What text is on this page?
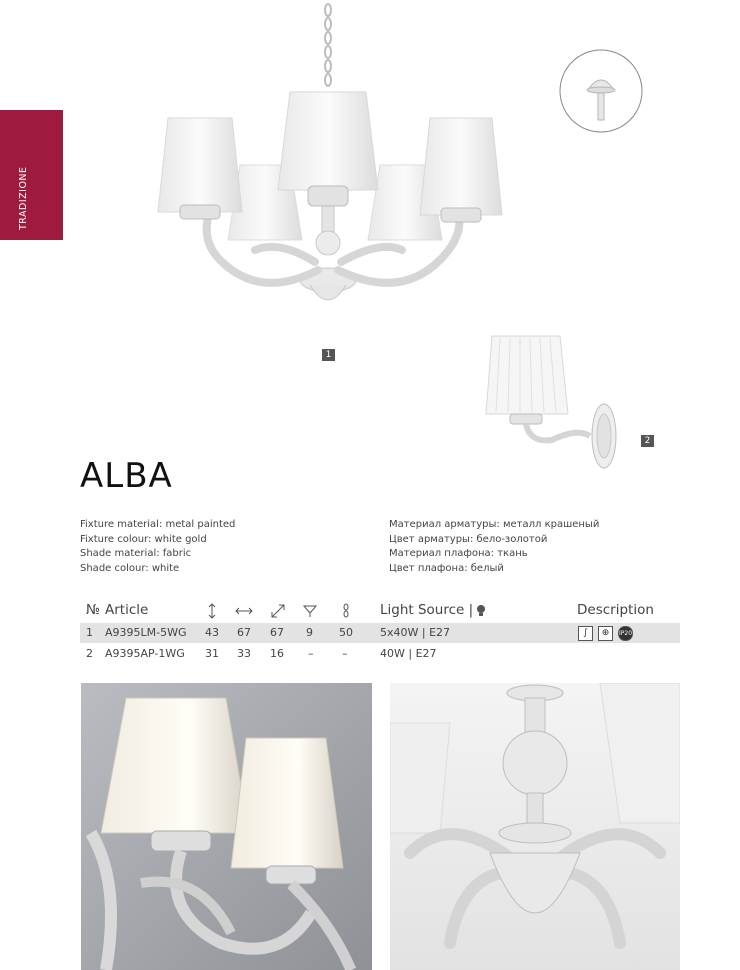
TRADIZIONE
1
2
ALBA
Fixture material: metal painted
Fixture colour: white gold
Shade material: fabric
Shade colour: white
Материал арматуры: металл крашеный
Цвет арматуры: бело-золотой
Материал плафона: ткань
Цвет плафона: белый
№ Article	Light Source |	Description
1 A9395LM-5WG 43 67 67 9 50 5x40W | E27	∫	⊕	IP20
2 A9395AP-1WG 31 33 16 –	–	40W | E27
